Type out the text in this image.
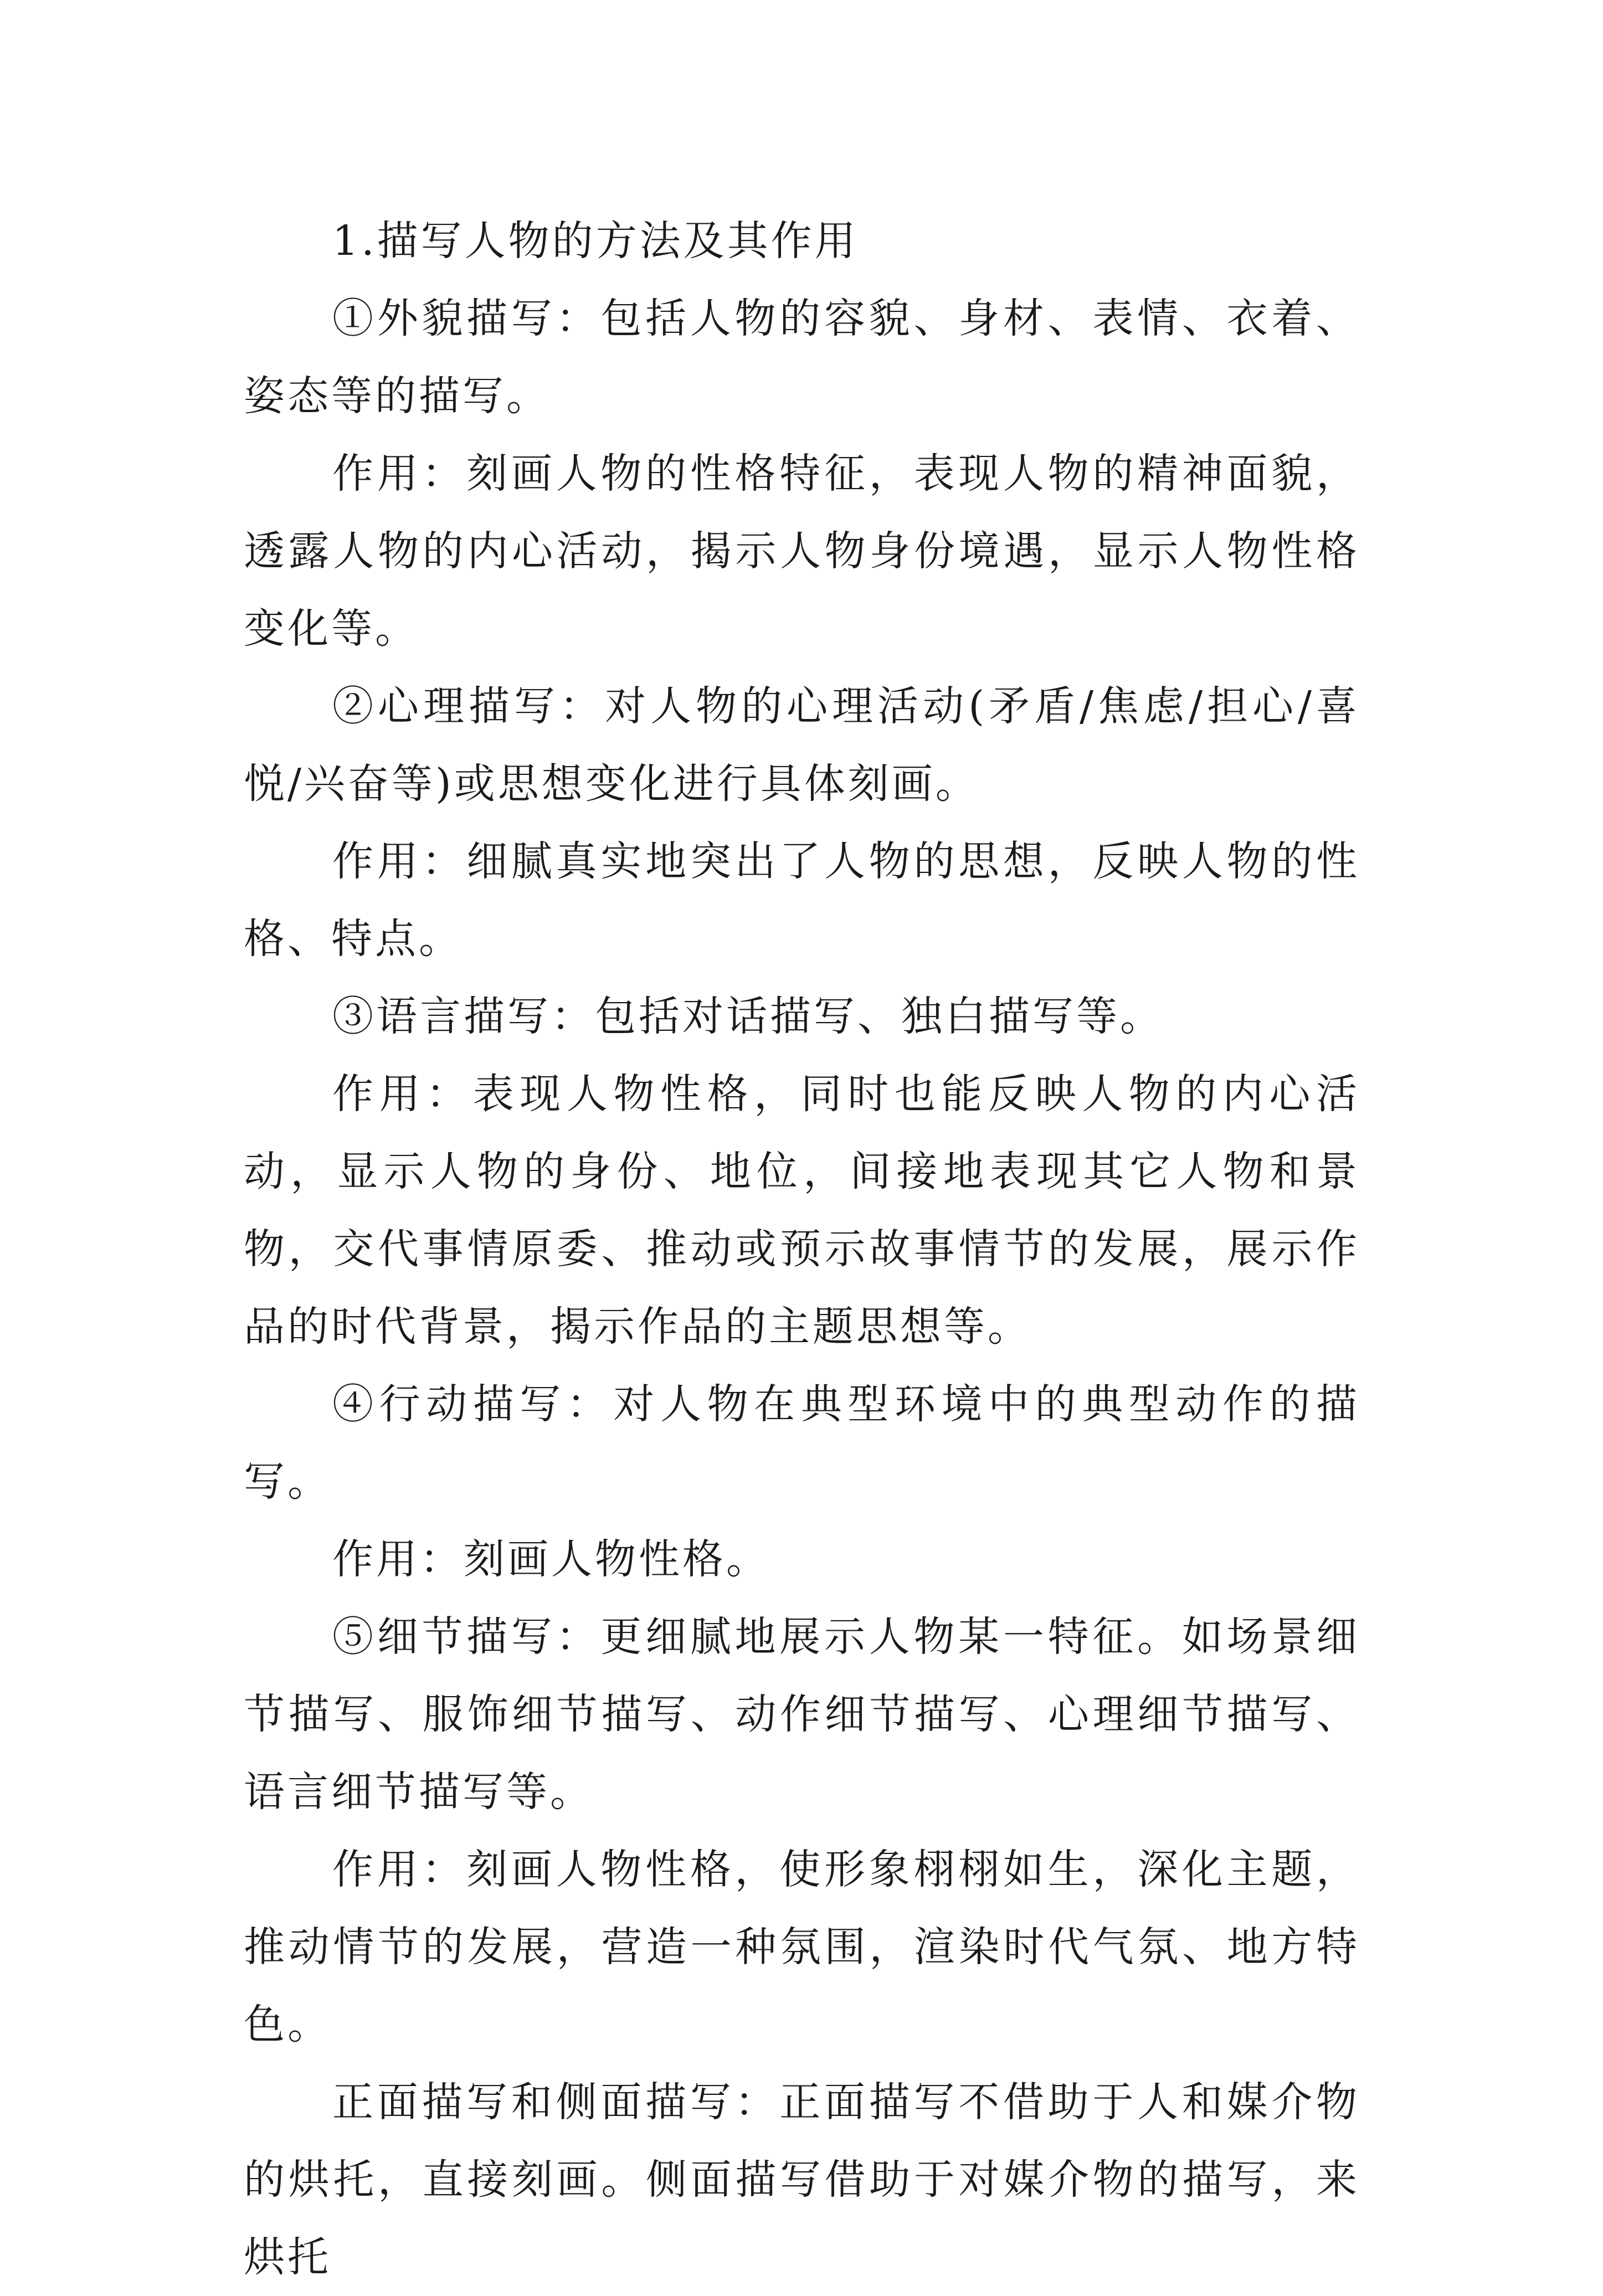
1.描写人物的方法及其作用

①外貌描写：包括人物的容貌、身材、表情、衣着、姿态等的描写。

作用：刻画人物的性格特征，表现人物的精神面貌，透露人物的内心活动，揭示人物身份境遇，显示人物性格变化等。

②心理描写：对人物的心理活动(矛盾/焦虑/担心/喜悦/兴奋等)或思想变化进行具体刻画。

作用：细腻真实地突出了人物的思想，反映人物的性格、特点。

③语言描写：包括对话描写、独白描写等。

作用：表现人物性格，同时也能反映人物的内心活动，显示人物的身份、地位，间接地表现其它人物和景物，交代事情原委、推动或预示故事情节的发展，展示作品的时代背景，揭示作品的主题思想等。

④行动描写：对人物在典型环境中的典型动作的描写。

作用：刻画人物性格。

⑤细节描写：更细腻地展示人物某一特征。如场景细节描写、服饰细节描写、动作细节描写、心理细节描写、语言细节描写等。

作用：刻画人物性格，使形象栩栩如生，深化主题，推动情节的发展，营造一种氛围，渲染时代气氛、地方特色。

正面描写和侧面描写：正面描写不借助于人和媒介物的烘托，直接刻画。侧面描写借助于对媒介物的描写，来烘托
